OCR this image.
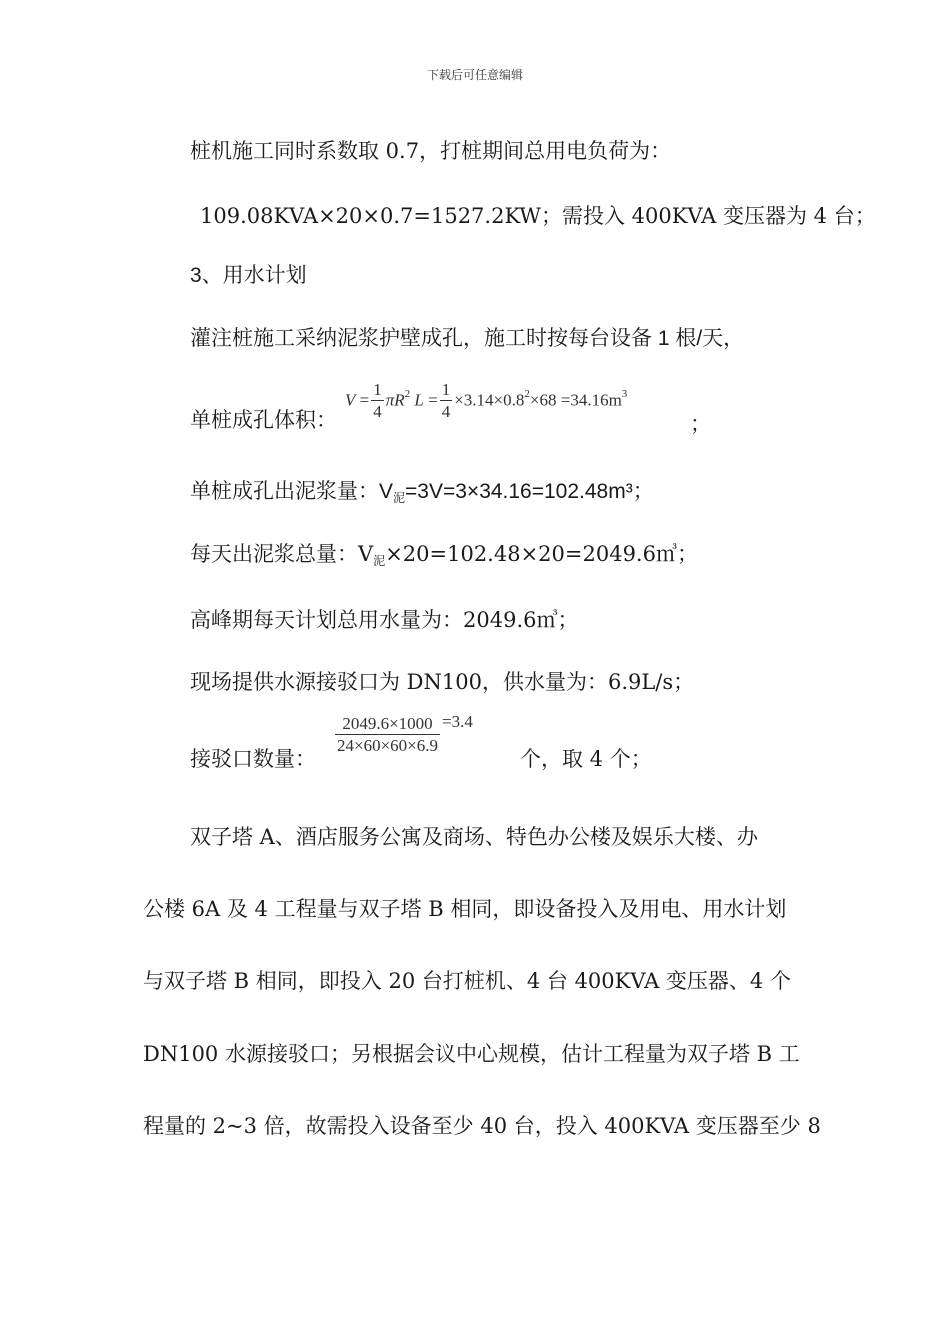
下载后可任意编辑
桩机施工同时系数取 0.7，打桩期间总用电负荷为：
109.08KVA×20×0.7=1527.2KW；需投入 400KVA 变压器为 4 台；
3、用水计划
灌注桩施工采纳泥浆护壁成孔，施工时按每台设备 1 根/天，
单桩成孔体积：
$V = \frac{1}{4} \pi R^2$ $L = \frac{1}{4} \times 3.14\times 0.8^2\times 68 =34.16m^3$
；
单桩成孔出泥浆量：V泥=3V=3×34.16=102.48m³；
每天出泥浆总量：V泥×20=102.48×20=2049.6㎥；
高峰期每天计划总用水量为：2049.6㎥；
现场提供水源接驳口为 DN100，供水量为：6.9L/s；
接驳口数量：
$\frac{2049.6\times 1000}{24\times 60\times 60\times 6.9} =3.4$
个，取 4 个；
双子塔 A、酒店服务公寓及商场、特色办公楼及娱乐大楼、办
公楼 6A 及 4 工程量与双子塔 B 相同，即设备投入及用电、用水计划
与双子塔 B 相同，即投入 20 台打桩机、4 台 400KVA 变压器、4 个
DN100 水源接驳口；另根据会议中心规模，估计工程量为双子塔 B 工
程量的 2~3 倍，故需投入设备至少 40 台，投入 400KVA 变压器至少 8
